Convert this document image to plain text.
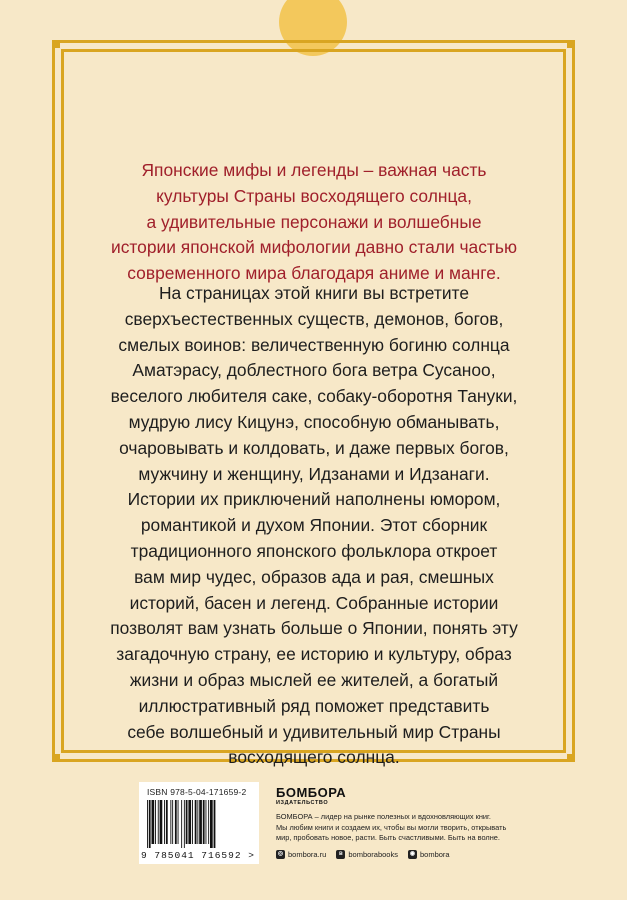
Японские мифы и легенды – важная часть

культуры Страны восходящего солнца,

а удивительные персонажи и волшебные

истории японской мифологии давно стали частью

современного мира благодаря аниме и манге.

На страницах этой книги вы встретите

сверхъестественных существ, демонов, богов,

смелых воинов: величественную богиню солнца

Аматэрасу, доблестного бога ветра Сусаноо,

веселого любителя саке, собаку-оборотня Тануки,

мудрую лису Кицунэ, способную обманывать,

очаровывать и колдовать, и даже первых богов,

мужчину и женщину, Идзанами и Идзанаги.

Истории их приключений наполнены юмором,

романтикой и духом Японии. Этот сборник

традиционного японского фольклора откроет

вам мир чудес, образов ада и рая, смешных

историй, басен и легенд. Собранные истории

позволят вам узнать больше о Японии, понять эту

загадочную страну, ее историю и культуру, образ

жизни и образ мыслей ее жителей, а богатый

иллюстративный ряд поможет представить

себе волшебный и удивительный мир Страны

восходящего солнца.

ISBN 978-5-04-171659-2
9 785041 716592 >
БОМБОРА
ИЗДАТЕЛЬСТВО

БОМБОРА – лидер на рынке полезных и вдохновляющих книг.

Мы любим книги и создаем их, чтобы вы могли творить, открывать

мир, пробовать новое, расти. Быть счастливыми. Быть на волне.

◎ bombora.ru	в bomborabooks	◉ bombora
